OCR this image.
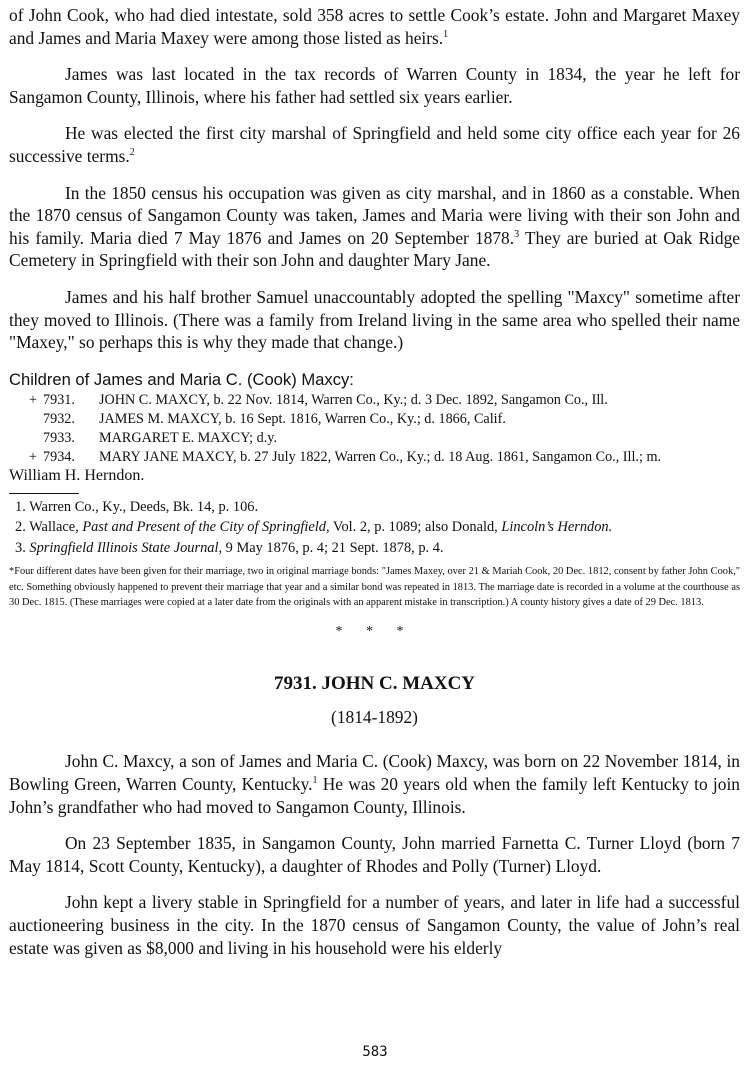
of John Cook, who had died intestate, sold 358 acres to settle Cook’s estate. John and Margaret Maxey and James and Maria Maxey were among those listed as heirs.$^1$

James was last located in the tax records of Warren County in 1834, the year he left for Sangamon County, Illinois, where his father had settled six years earlier.

He was elected the first city marshal of Springfield and held some city office each year for 26 successive terms.$^2$

In the 1850 census his occupation was given as city marshal, and in 1860 as a constable. When the 1870 census of Sangamon County was taken, James and Maria were living with their son John and his family. Maria died 7 May 1876 and James on 20 September 1878.$^3$ They are buried at Oak Ridge Cemetery in Springfield with their son John and daughter Mary Jane.

James and his half brother Samuel unaccountably adopted the spelling "Maxcy" sometime after they moved to Illinois. (There was a family from Ireland living in the same area who spelled their name "Maxey," so perhaps this is why they made that change.)

Children of James and Maria C. (Cook) Maxcy:
+ 7931.	JOHN C. MAXCY, b. 22 Nov. 1814, Warren Co., Ky.; d. 3 Dec. 1892, Sangamon Co., Ill.
7932.	JAMES M. MAXCY, b. 16 Sept. 1816, Warren Co., Ky.; d. 1866, Calif.
7933.	MARGARET E. MAXCY; d.y.
+ 7934.	MARY JANE MAXCY, b. 27 July 1822, Warren Co., Ky.; d. 18 Aug. 1861, Sangamon Co., Ill.; m.
William H. Herndon.
1. Warren Co., Ky., Deeds, Bk. 14, p. 106.
2. Wallace, Past and Present of the City of Springfield, Vol. 2, p. 1089; also Donald, Lincoln’s Herndon.
3. Springfield Illinois State Journal, 9 May 1876, p. 4; 21 Sept. 1878, p. 4.
*Four different dates have been given for their marriage, two in original marriage bonds: "James Maxey, over 21 & Mariah Cook, 20 Dec. 1812, consent by father John Cook," etc. Something obviously happened to prevent their marriage that year and a similar bond was repeated in 1813. The marriage date is recorded in a volume at the courthouse as 30 Dec. 1815. (These marriages were copied at a later date from the originals with an apparent mistake in transcription.) A county history gives a date of 29 Dec. 1813.
* * *
7931. JOHN C. MAXCY
(1814-1892)

John C. Maxcy, a son of James and Maria C. (Cook) Maxcy, was born on 22 November 1814, in Bowling Green, Warren County, Kentucky.$^1$ He was 20 years old when the family left Kentucky to join John’s grandfather who had moved to Sangamon County, Illinois.

On 23 September 1835, in Sangamon County, John married Farnetta C. Turner Lloyd (born 7 May 1814, Scott County, Kentucky), a daughter of Rhodes and Polly (Turner) Lloyd.

John kept a livery stable in Springfield for a number of years, and later in life had a successful auctioneering business in the city. In the 1870 census of Sangamon County, the value of John’s real estate was given as $8,000 and living in his household were his elderly

583
